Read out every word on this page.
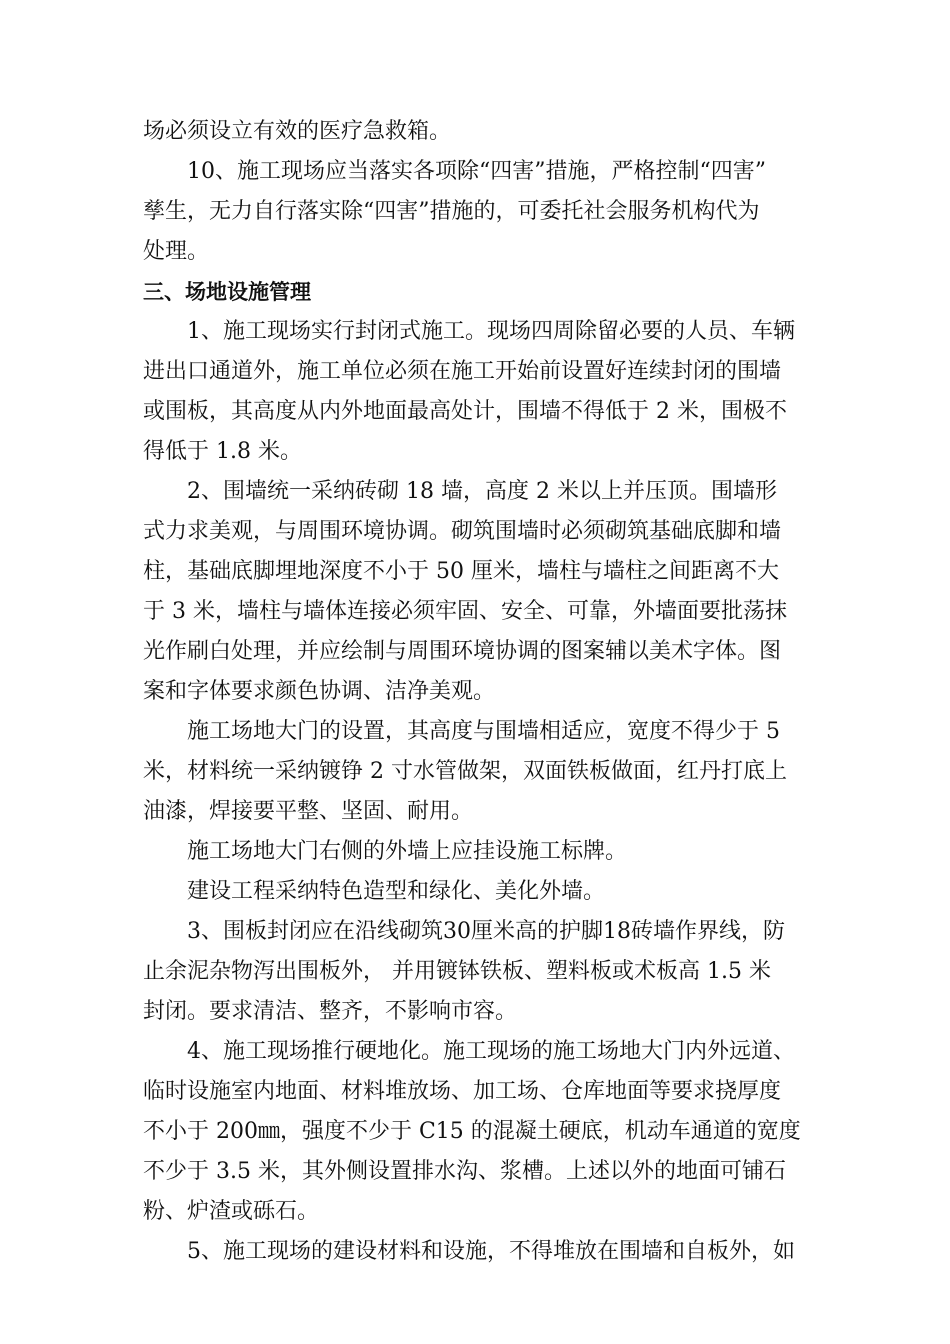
场必须设立有效的医疗急救箱。
10、施工现场应当落实各项除“四害”措施，严格控制“四害”
孳生，无力自行落实除“四害”措施的，可委托社会服务机构代为
处理。
三、场地设施管理
1、施工现场实行封闭式施工。现场四周除留必要的人员、车辆
进出口通道外，施工单位必须在施工开始前设置好连续封闭的围墙
或围板，其高度从内外地面最高处计，围墙不得低于 2 米，围极不
得低于 1.8 米。
2、围墙统一采纳砖砌 18 墙，高度 2 米以上并压顶。围墙形
式力求美观，与周围环境协调。砌筑围墙时必须砌筑基础底脚和墙
柱，基础底脚埋地深度不小于 50 厘米，墙柱与墙柱之间距离不大
于 3 米，墙柱与墙体连接必须牢固、安全、可靠，外墙面要批荡抹
光作刷白处理，并应绘制与周围环境协调的图案辅以美术字体。图
案和字体要求颜色协调、洁净美观。
施工场地大门的设置，其高度与围墙相适应，宽度不得少于 5
米，材料统一采纳镀铮 2 寸水管做架，双面铁板做面，红丹打底上
油漆，焊接要平整、坚固、耐用。
施工场地大门右侧的外墙上应挂设施工标牌。
建设工程采纳特色造型和绿化、美化外墙。
3、围板封闭应在沿线砌筑30厘米高的护脚18砖墙作界线，防
止余泥杂物泻出围板外， 并用镀钵铁板、塑料板或术板高 1.5 米
封闭。要求清洁、整齐，不影响市容。
4、施工现场推行硬地化。施工现场的施工场地大门内外远道、
临时设施室内地面、材料堆放场、加工场、仓库地面等要求挠厚度
不小于 200㎜，强度不少于 C15 的混凝土硬底，机动车通道的宽度
不少于 3.5 米，其外侧设置排水沟、浆槽。上述以外的地面可铺石
粉、炉渣或砾石。
5、施工现场的建设材料和设施，不得堆放在围墙和自板外，如
